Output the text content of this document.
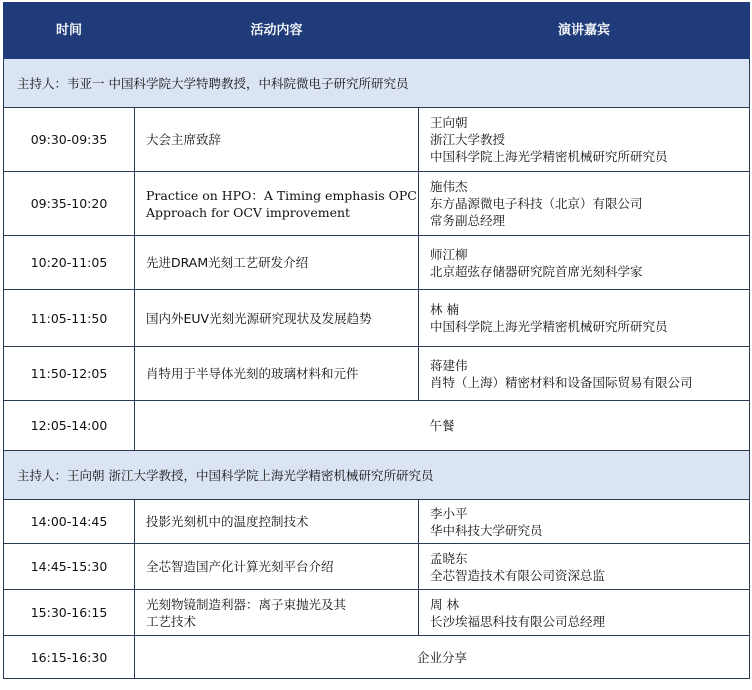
时间	活动内容	演讲嘉宾
主持人：韦亚一 中国科学院大学特聘教授，中科院微电子研究所研究员		
09:30-09:35	大会主席致辞	王向朝
浙江大学教授
中国科学院上海光学精密机械研究所研究员

09:35-10:20	Practice on HPO：A Timing emphasis OPC
Approach for OCV improvement	施伟杰
东方晶源微电子科技（北京）有限公司
常务副总经理

10:20-11:05	先进DRAM光刻工艺研发介绍	师江柳
北京超弦存储器研究院首席光刻科学家

11:05-11:50	国内外EUV光刻光源研究现状及发展趋势	林 楠
中国科学院上海光学精密机械研究所研究员

11:50-12:05	肖特用于半导体光刻的玻璃材料和元件	蒋建伟
肖特（上海）精密材料和设备国际贸易有限公司

12:05-14:00	午餐	
主持人：王向朝 浙江大学教授，中国科学院上海光学精密机械研究所研究员		
14:00-14:45	投影光刻机中的温度控制技术	李小平
华中科技大学研究员

14:45-15:30	全芯智造国产化计算光刻平台介绍	孟晓东
全芯智造技术有限公司资深总监

15:30-16:15	光刻物镜制造利器：离子束抛光及其
工艺技术	周 林
长沙埃福思科技有限公司总经理

16:15-16:30	企业分享	
